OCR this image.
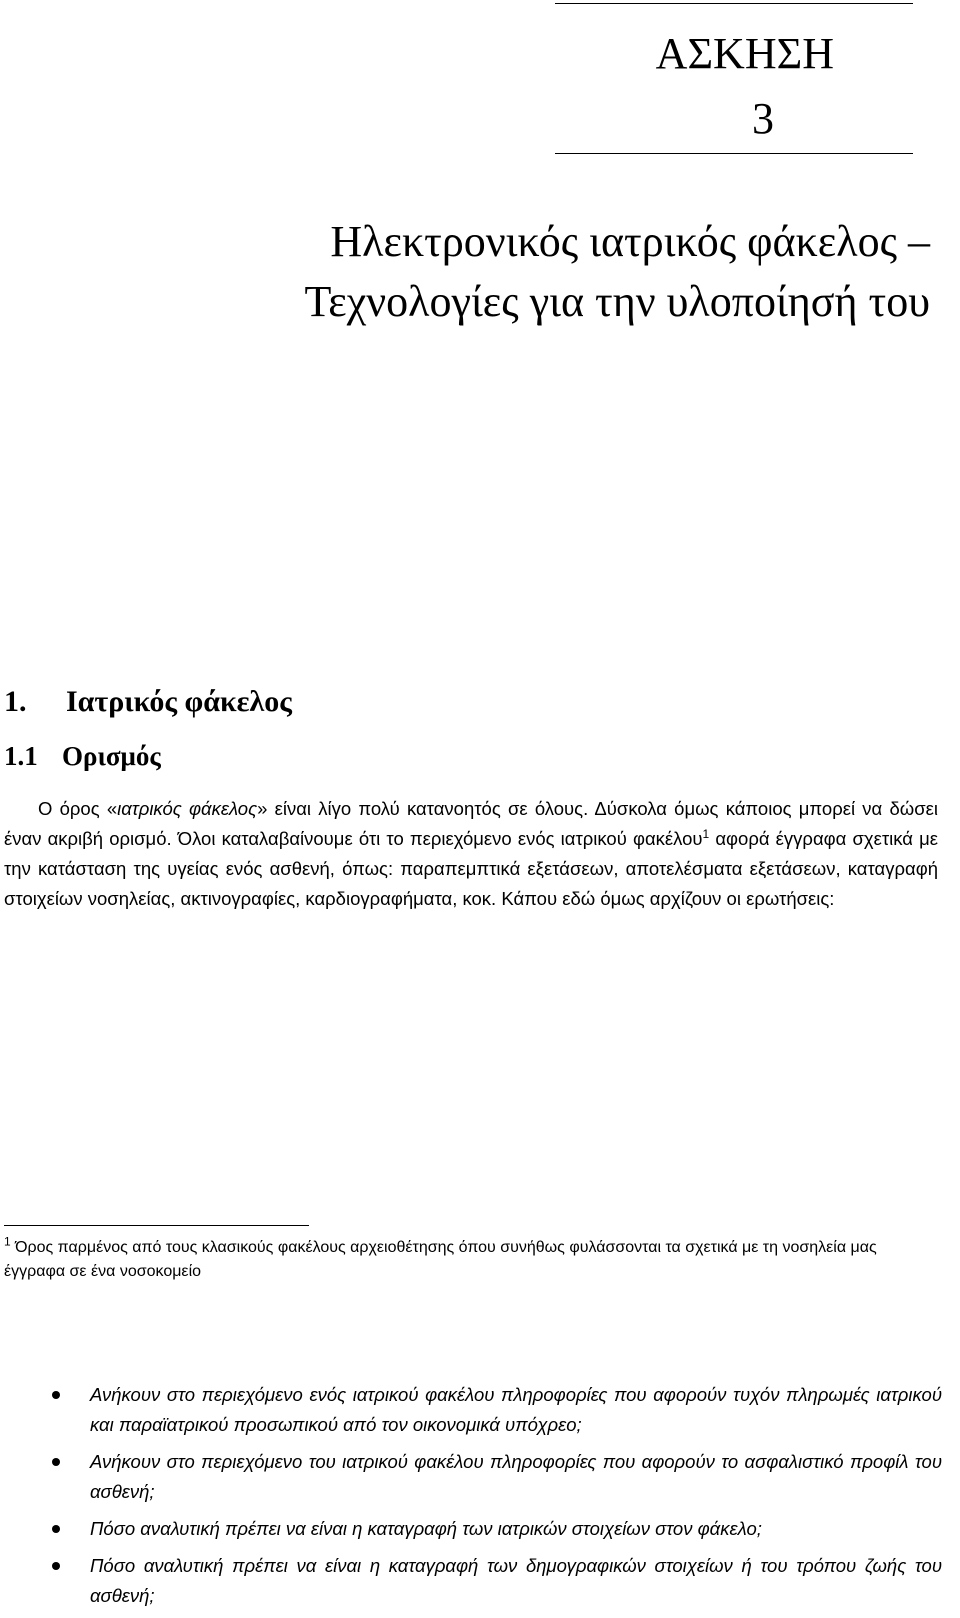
ΑΣΚΗΣΗ
3
Ηλεκτρονικός ιατρικός φάκελος –
Τεχνολογίες για την υλοποίησή του
1. Ιατρικός φάκελος
1.1 Ορισμός

Ο όρος «ιατρικός φάκελος» είναι λίγο πολύ κατανοητός σε όλους. Δύσκολα όμως κάποιος μπορεί να δώσει έναν ακριβή ορισμό. Όλοι καταλαβαίνουμε ότι το περιεχόμενο ενός ιατρικού φακέλου$^1$ αφορά έγγραφα σχετικά με την κατάσταση της υγείας ενός ασθενή, όπως: παραπεμπτικά εξετάσεων, αποτελέσματα εξετάσεων, καταγραφή στοιχείων νοσηλείας, ακτινογραφίες, καρδιογραφήματα, κοκ. Κάπου εδώ όμως αρχίζουν οι ερωτήσεις:

Ανήκουν στο περιεχόμενο ενός ιατρικού φακέλου πληροφορίες που αφορούν τυχόν πληρωμές ιατρικού και παραϊατρικού προσωπικού από τον οικονομικά υπόχρεο;
Ανήκουν στο περιεχόμενο του ιατρικού φακέλου πληροφορίες που αφορούν το ασφαλιστικό προφίλ του ασθενή;
Πόσο αναλυτική πρέπει να είναι η καταγραφή των ιατρικών στοιχείων στον φάκελο;
Πόσο αναλυτική πρέπει να είναι η καταγραφή των δημογραφικών στοιχείων ή του τρόπου ζωής του ασθενή;
$^1$ Όρος παρμένος από τους κλασικούς φακέλους αρχειοθέτησης όπου συνήθως φυλάσσονται τα σχετικά με τη νοσηλεία μας έγγραφα σε ένα νοσοκομείο
